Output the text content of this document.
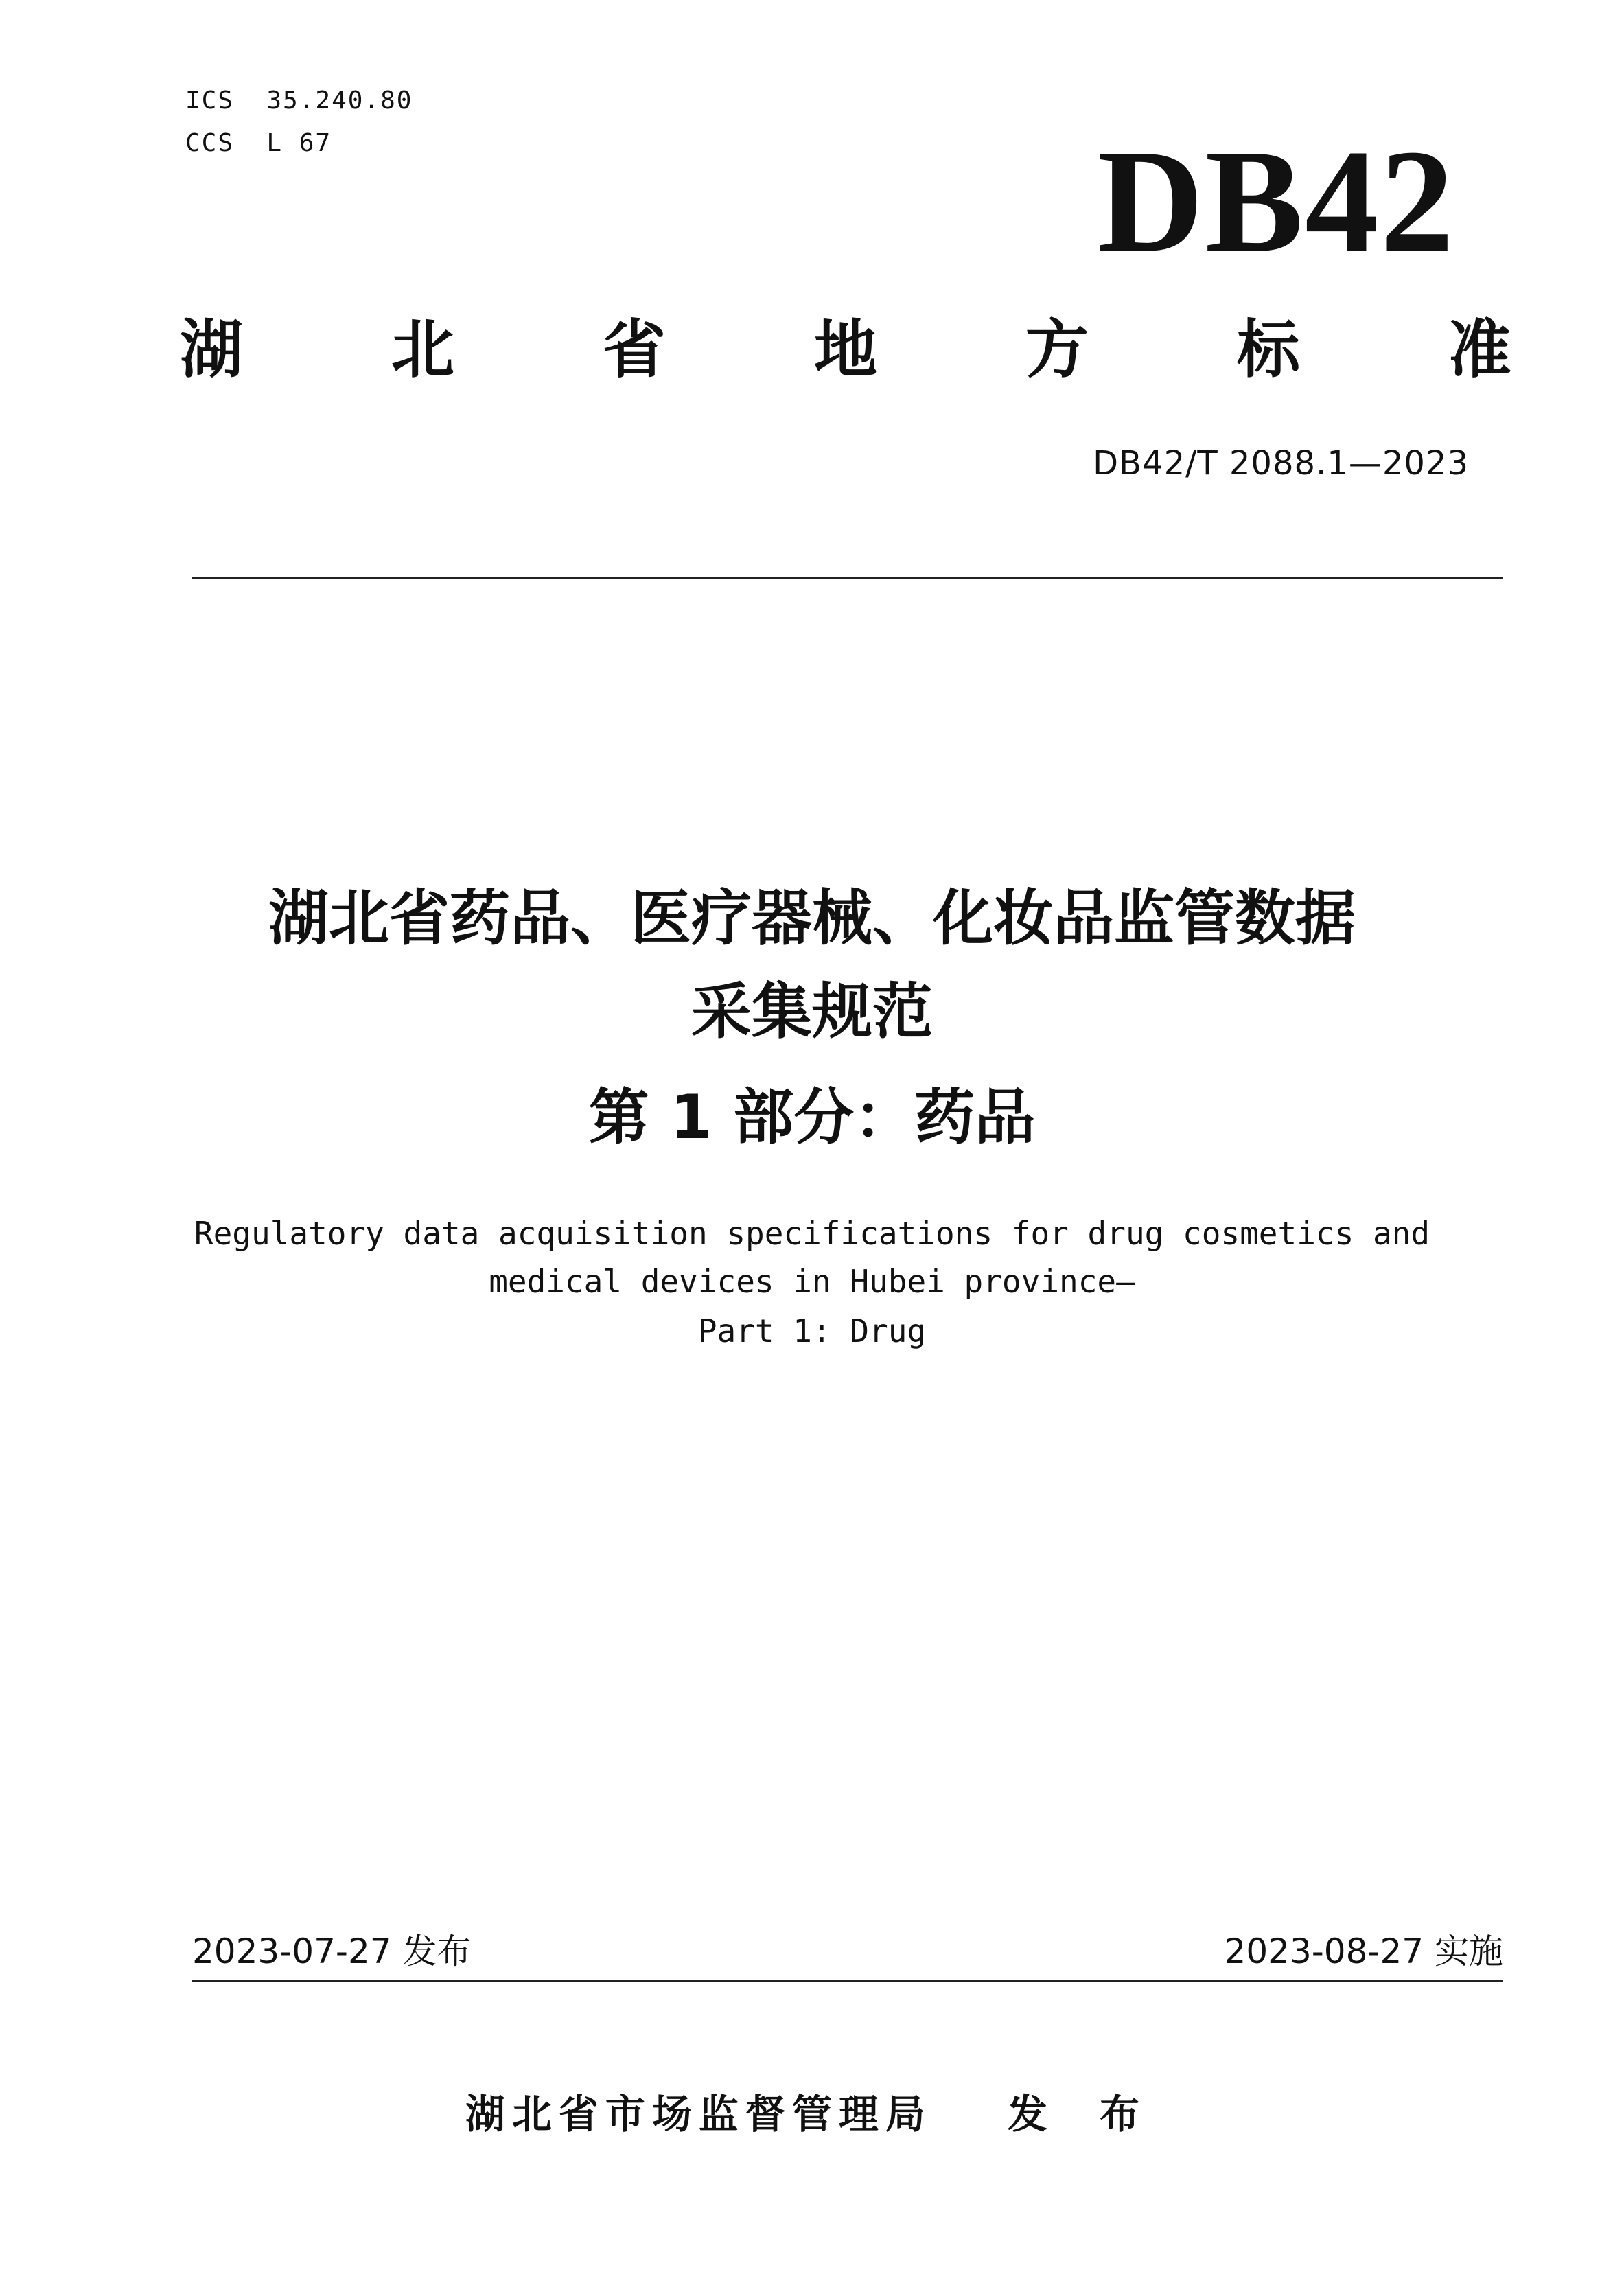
ICS  35.240.80
CCS  L 67	DB42
湖 北 省 地 方 标 准
DB42/T 2088.1—2023
湖北省药品、医疗器械、化妆品监管数据
采集规范
第 1 部分：药品
Regulatory data acquisition specifications for drug cosmetics and
medical devices in Hubei province—
Part 1: Drug
2023-07-27 发布	2023-08-27 实施
湖北省市场监督管理局 发 布
